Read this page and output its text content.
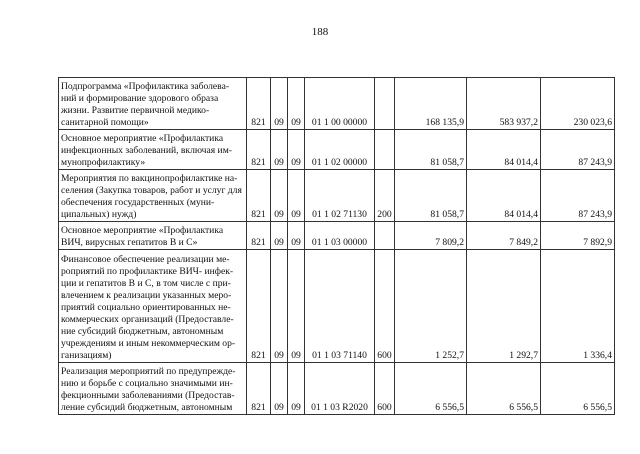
188
Подпрограмма «Профилактика заболева-ний и формирование здорового образа жизни. Развитие первичной медико-санитарной помощи»	821	09	09	01 1 00 00000		168 135,9	583 937,2	230 023,6
Основное мероприятие «Профилактика инфекционных заболеваний, включая им-мунопрофилактику»	821	09	09	01 1 02 00000		81 058,7	84 014,4	87 243,9
Мероприятия по вакцинопрофилактике на-селения (Закупка товаров, работ и услуг для обеспечения государственных (муни-ципальных) нужд)	821	09	09	01 1 02 71130	200	81 058,7	84 014,4	87 243,9
Основное мероприятие «Профилактика ВИЧ, вирусных гепатитов В и С»	821	09	09	01 1 03 00000		7 809,2	7 849,2	7 892,9
Финансовое обеспечение реализации ме-роприятий по профилактике ВИЧ- инфек-ции и гепатитов В и С, в том числе с при-влечением к реализации указанных меро-приятий социально ориентированных не-коммерческих организаций (Предоставле-ние субсидий бюджетным, автономным учреждениям и иным некоммерческим ор-ганизациям)	821	09	09	01 1 03 71140	600	1 252,7	1 292,7	1 336,4
Реализация мероприятий по предупрежде-нию и борьбе с социально значимыми ин-фекционными заболеваниями (Предостав-ление субсидий бюджетным, автономным	821	09	09	01 1 03 R2020	600	6 556,5	6 556,5	6 556,5
